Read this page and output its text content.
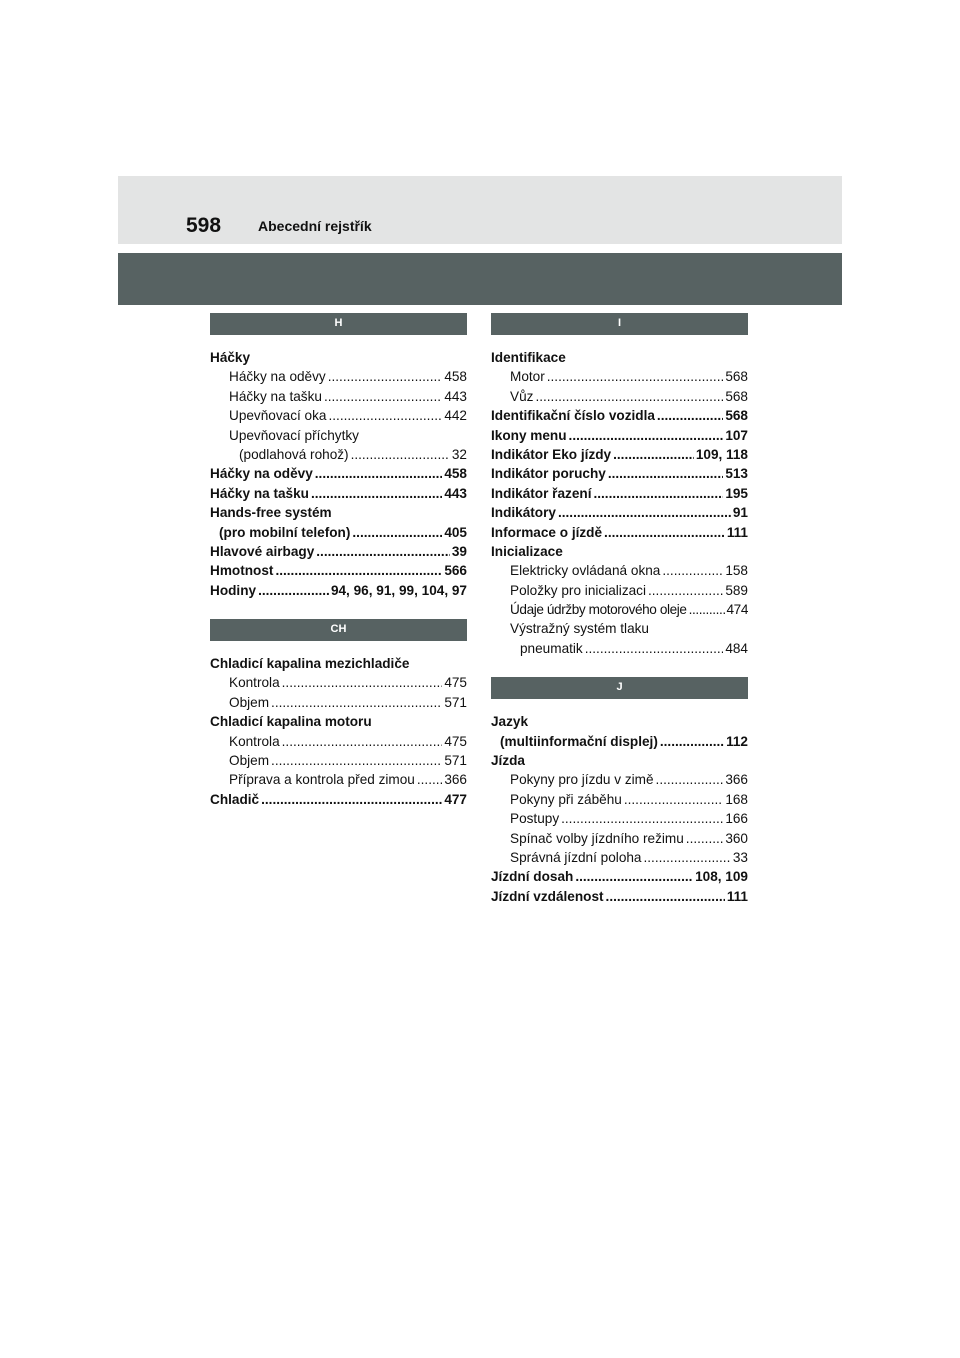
598	Abecední rejstřík
H
Háčky
Háčky na oděvy .....	458
Háčky na tašku .....	443
Upevňovací oka .....	442
Upevňovací příchytky
(podlahová rohož) .....	32
Háčky na oděvy .....	458
Háčky na tašku .....	443
Hands-free systém
(pro mobilní telefon) .....	405
Hlavové airbagy .....	39
Hmotnost .....	566
Hodiny .....	94, 96, 91, 99, 104, 97
CH
Chladicí kapalina mezichladiče
Kontrola .....	475
Objem .....	571
Chladicí kapalina motoru
Kontrola .....	475
Objem .....	571
Příprava a kontrola před zimou ..... 366
Chladič .....	477
I
Identifikace
Motor .....	568
Vůz .....	568
Identifikační číslo vozidla .....	568
Ikony menu .....	107
Indikátor Eko jízdy .....	109, 118
Indikátor poruchy .....	513
Indikátor řazení .....	195
Indikátory .....	91
Informace o jízdě .....	111
Inicializace
Elektricky ovládaná okna .....	158
Položky pro inicializaci .....	589
Údaje údržby motorového oleje .....	474
Výstražný systém tlaku
pneumatik .....	484
J
Jazyk
(multiinformační displej) .....	112
Jízda
Pokyny pro jízdu v zimě .....	366
Pokyny při záběhu .....	168
Postupy .....	166
Spínač volby jízdního režimu .....	360
Správná jízdní poloha .....	33
Jízdní dosah .....	108, 109
Jízdní vzdálenost .....	111
